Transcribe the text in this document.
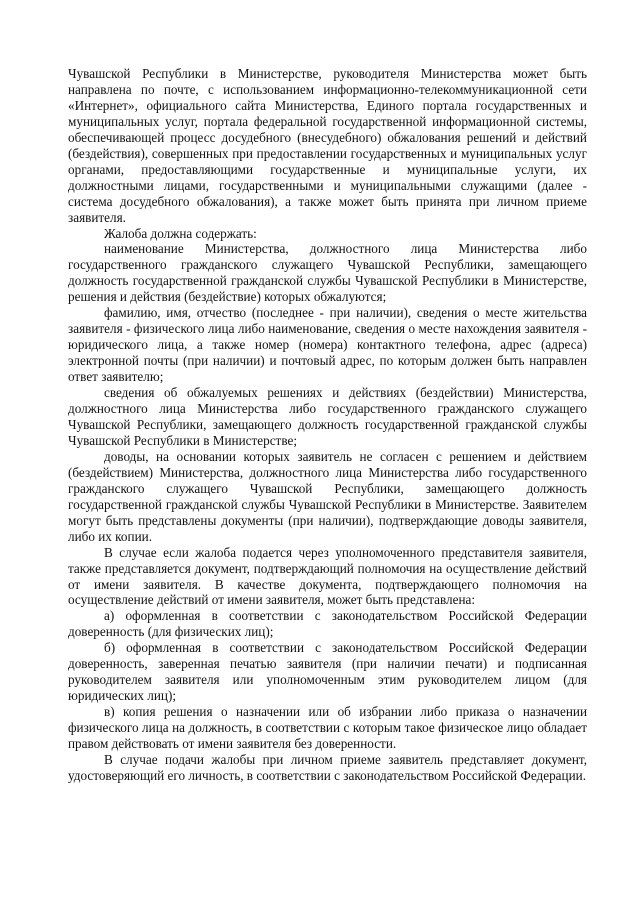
Чувашской Республики в Министерстве, руководителя Министерства может быть направлена по почте, с использованием информационно-телекоммуникационной сети «Интернет», официального сайта Министерства, Единого портала государственных и муниципальных услуг, портала федеральной государственной информационной системы, обеспечивающей процесс досудебного (внесудебного) обжалования решений и действий (бездействия), совершенных при предоставлении государственных и муниципальных услуг органами, предоставляющими государственные и муниципальные услуги, их должностными лицами, государственными и муниципальными служащими (далее - система досудебного обжалования), а также может быть принята при личном приеме заявителя.

Жалоба должна содержать:

наименование Министерства, должностного лица Министерства либо государственного гражданского служащего Чувашской Республики, замещающего должность государственной гражданской службы Чувашской Республики в Министерстве, решения и действия (бездействие) которых обжалуются;

фамилию, имя, отчество (последнее - при наличии), сведения о месте жительства заявителя - физического лица либо наименование, сведения о месте нахождения заявителя - юридического лица, а также номер (номера) контактного телефона, адрес (адреса) электронной почты (при наличии) и почтовый адрес, по которым должен быть направлен ответ заявителю;

сведения об обжалуемых решениях и действиях (бездействии) Министерства, должностного лица Министерства либо государственного гражданского служащего Чувашской Республики, замещающего должность государственной гражданской службы Чувашской Республики в Министерстве;

доводы, на основании которых заявитель не согласен с решением и действием (бездействием) Министерства, должностного лица Министерства либо государственного гражданского служащего Чувашской Республики, замещающего должность государственной гражданской службы Чувашской Республики в Министерстве. Заявителем могут быть представлены документы (при наличии), подтверждающие доводы заявителя, либо их копии.

В случае если жалоба подается через уполномоченного представителя заявителя, также представляется документ, подтверждающий полномочия на осуществление действий от имени заявителя. В качестве документа, подтверждающего полномочия на осуществление действий от имени заявителя, может быть представлена:

а) оформленная в соответствии с законодательством Российской Федерации доверенность (для физических лиц);

б) оформленная в соответствии с законодательством Российской Федерации доверенность, заверенная печатью заявителя (при наличии печати) и подписанная руководителем заявителя или уполномоченным этим руководителем лицом (для юридических лиц);

в) копия решения о назначении или об избрании либо приказа о назначении физического лица на должность, в соответствии с которым такое физическое лицо обладает правом действовать от имени заявителя без доверенности.

В случае подачи жалобы при личном приеме заявитель представляет документ, удостоверяющий его личность, в соответствии с законодательством Российской Федерации.
